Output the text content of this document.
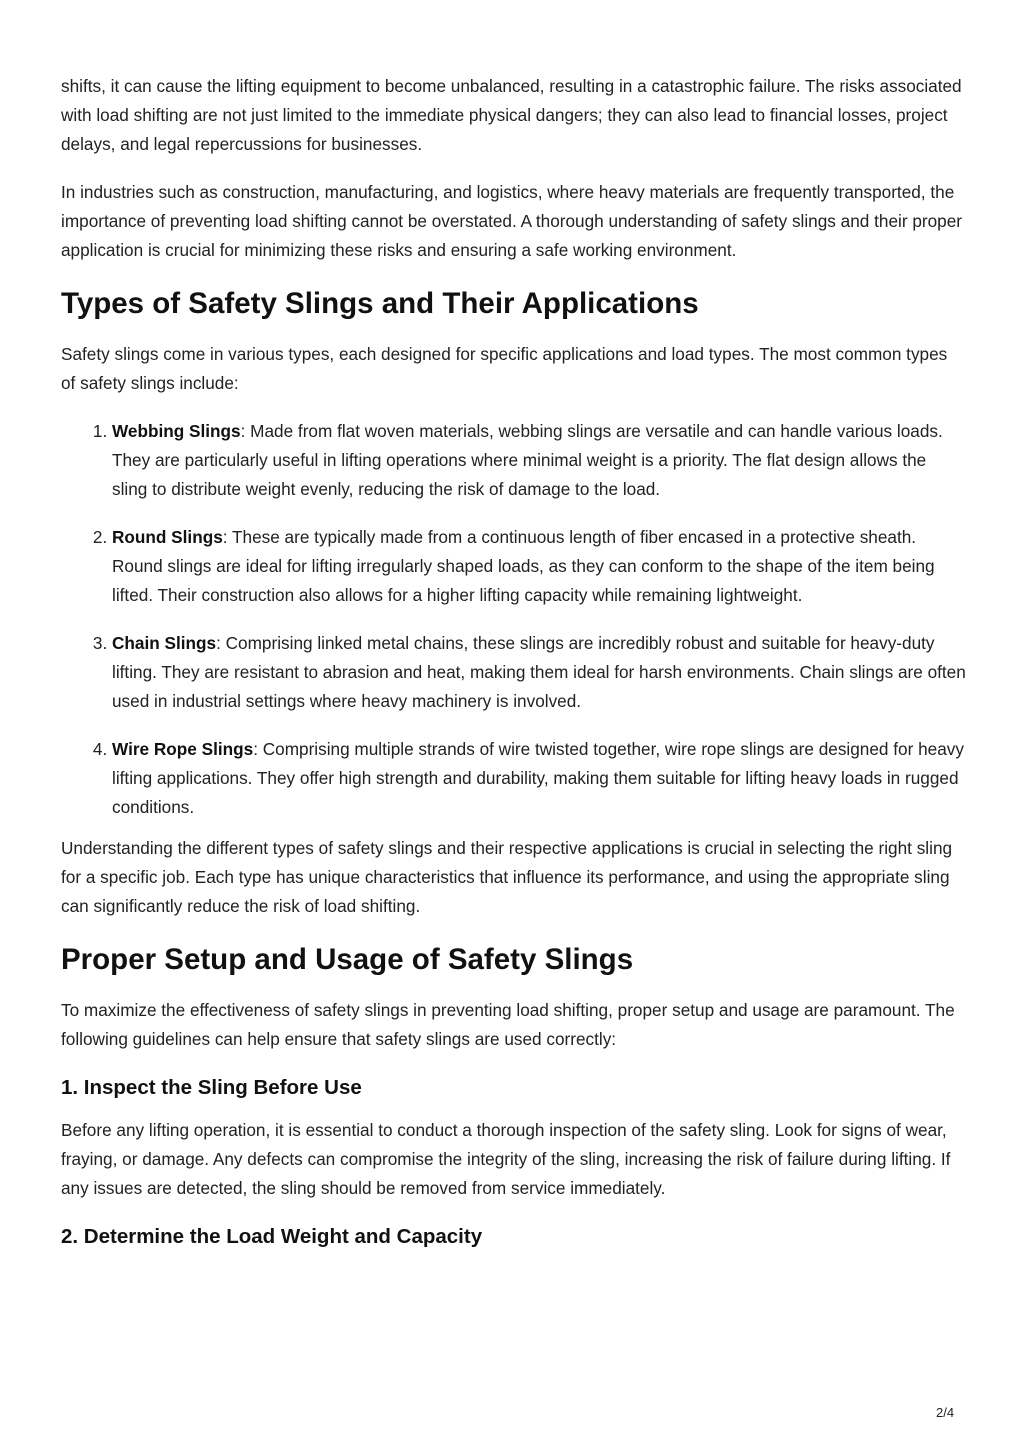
shifts, it can cause the lifting equipment to become unbalanced, resulting in a catastrophic failure. The risks associated with load shifting are not just limited to the immediate physical dangers; they can also lead to financial losses, project delays, and legal repercussions for businesses.

In industries such as construction, manufacturing, and logistics, where heavy materials are frequently transported, the importance of preventing load shifting cannot be overstated. A thorough understanding of safety slings and their proper application is crucial for minimizing these risks and ensuring a safe working environment.

Types of Safety Slings and Their Applications

Safety slings come in various types, each designed for specific applications and load types. The most common types of safety slings include:

1. Webbing Slings: Made from flat woven materials, webbing slings are versatile and can handle various loads. They are particularly useful in lifting operations where minimal weight is a priority. The flat design allows the sling to distribute weight evenly, reducing the risk of damage to the load.
2. Round Slings: These are typically made from a continuous length of fiber encased in a protective sheath. Round slings are ideal for lifting irregularly shaped loads, as they can conform to the shape of the item being lifted. Their construction also allows for a higher lifting capacity while remaining lightweight.
3. Chain Slings: Comprising linked metal chains, these slings are incredibly robust and suitable for heavy-duty lifting. They are resistant to abrasion and heat, making them ideal for harsh environments. Chain slings are often used in industrial settings where heavy machinery is involved.
4. Wire Rope Slings: Comprising multiple strands of wire twisted together, wire rope slings are designed for heavy lifting applications. They offer high strength and durability, making them suitable for lifting heavy loads in rugged conditions.

Understanding the different types of safety slings and their respective applications is crucial in selecting the right sling for a specific job. Each type has unique characteristics that influence its performance, and using the appropriate sling can significantly reduce the risk of load shifting.

Proper Setup and Usage of Safety Slings

To maximize the effectiveness of safety slings in preventing load shifting, proper setup and usage are paramount. The following guidelines can help ensure that safety slings are used correctly:

1. Inspect the Sling Before Use

Before any lifting operation, it is essential to conduct a thorough inspection of the safety sling. Look for signs of wear, fraying, or damage. Any defects can compromise the integrity of the sling, increasing the risk of failure during lifting. If any issues are detected, the sling should be removed from service immediately.

2. Determine the Load Weight and Capacity
2/4
